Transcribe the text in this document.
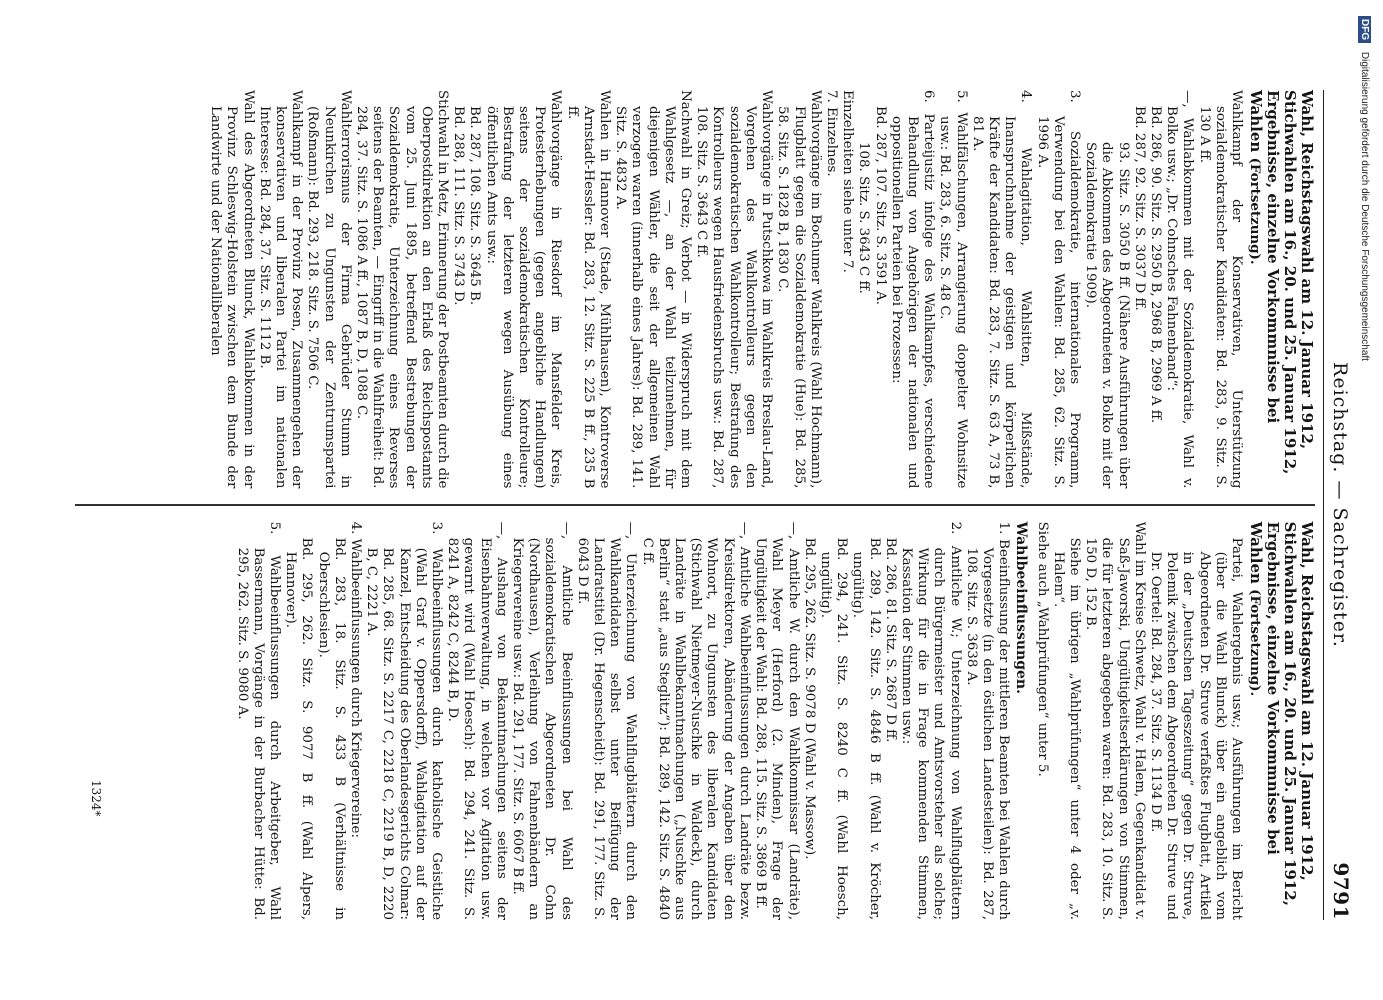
DFG Digitalisierung gefördert durch die Deutsche Forschungsgemeinschaft
Reichstag. — Sachregister.
9791
Wahl, Reichstagswahl am 12. Januar 1912, Stichwahlen am 16., 20. und 25. Januar 1912, Ergebnisse, einzelne Vorkommnisse bei Wahlen (Fortsetzung).

Wahlkampf der Konservativen, Unterstützung sozialdemokratischer Kandidaten: Bd. 283, 9. Sitz. S. 130 A ff.

—, Wahlabkommen mit der Sozialdemokratie, Wahl v. Bolko usw.; „Dr. Cohnsches Fahnenband“:

Bd. 286, 90. Sitz. S. 2950 B, 2968 B, 2969 A ff.

Bd. 287, 92. Sitz. S. 3037 D ff.

93. Sitz. S. 3050 B ff. (Nähere Ausführungen über die Abkommen des Abgeordneten v. Bolko mit der Sozialdemokratie 1909).

3. Sozialdemokratie, internationales Programm, Verwendung bei den Wahlen: Bd. 285, 62. Sitz. S. 1996 A.

4. Wahlagitation, Wahlsitten, Mißstände, Inanspruchnahme der geistigen und körperlichen Kräfte der Kandidaten: Bd. 283, 7. Sitz. S. 63 A, 73 B, 81 A.

5. Wahlfälschungen, Arrangierung doppelter Wohnsitze usw.: Bd. 283, 6. Sitz. S. 48 C.

6. Parteijustiz infolge des Wahlkampfes, verschiedene Behandlung von Angehörigen der nationalen und oppositionellen Parteien bei Prozessen:

Bd. 287, 107. Sitz. S. 3591 A.

108. Sitz. S. 3643 C ff.

Einzelheiten siehe unter 7.

7. Einzelnes.

Wahlvorgänge im Bochumer Wahlkreis (Wahl Hochmann), Flugblatt gegen die Sozialdemokratie (Hue): Bd. 285, 58. Sitz. S. 1828 B, 1830 C.

Wahlvorgänge in Putschkowa im Wahlkreis Breslau-Land, Vorgehen des Wahlkontrolleurs gegen den sozialdemokratischen Wahlkontrolleur; Bestrafung des Kontrolleurs wegen Hausfriedensbruchs usw.: Bd. 287, 108. Sitz. S. 3643 C ff.

Nachwahl in Greiz; Verbot — in Widerspruch mit dem Wahlgesetz —, an der Wahl teilzunehmen, für diejenigen Wähler, die seit der allgemeinen Wahl verzogen waren (innerhalb eines Jahres): Bd. 289, 141. Sitz. S. 4832 A.

Wahlen in Hannover (Stade, Mühlhausen), Kontroverse Arnstadt-Hessler: Bd. 283, 12. Sitz. S. 225 B ff., 235 B ff.

Wahlvorgänge in Riesdorf im Mansfelder Kreis, Protesterhebungen (gegen angebliche Handlungen) seitens der sozialdemokratischen Kontrolleure; Bestrafung der letzteren wegen Ausübung eines öffentlichen Amts usw.:

Bd. 287, 108. Sitz. S. 3645 B.

Bd. 288, 111. Sitz. S. 3743 D.

Stichwahl in Metz, Erinnerung der Postbeamten durch die Oberpostdirektion an den Erlaß des Reichspostamts vom 25. Juni 1895, betreffend Bestrebungen der Sozialdemokratie, Unterzeichnung eines Reverses seitens der Beamten, — Eingriff in die Wahlfreiheit: Bd. 284, 37. Sitz. S. 1086 A ff., 1087 B, D, 1088 C.

Wahlterrorismus der Firma Gebrüder Stumm in Neunkirchen zu Ungunsten der Zentrumspartei (Roßmann): Bd. 293, 218. Sitz. S. 7506 C.

Wahlkampf in der Provinz Posen, Zusammengehen der konservativen und liberalen Partei im nationalen Interesse: Bd. 284, 37. Sitz. S. 1112 B.

Wahl des Abgeordneten Blunck, Wahlabkommen in der Provinz Schleswig-Holstein zwischen dem Bunde der Landwirte und der Nationalliberalen

Wahl, Reichstagswahl am 12. Januar 1912, Stichwahlen am 16., 20. und 25. Januar 1912, Ergebnisse, einzelne Vorkommnisse bei Wahlen (Fortsetzung).

Partei, Wahlergebnis usw.; Ausführungen im Bericht (über die Wahl Blunck) über ein angeblich vom Abgeordneten Dr. Struve verfaßtes Flugblatt, Artikel in der „Deutschen Tageszeitung“ gegen Dr. Struve, Polemik zwischen dem Abgeordneten Dr. Struve und Dr. Oertel: Bd. 284, 37. Sitz. S. 1134 D ff.

Wahl im Kreise Schwetz, Wahl v. Halem, Gegenkandidat v. Saß-Jaworski, Ungültigkeitserklärungen von Stimmen, die für letzteren abgegeben waren: Bd. 283, 10. Sitz. S. 150 D, 152 B.

Siehe im übrigen „Wahlprüfungen“ unter 4 oder „v. Halem“.

Siehe auch „Wahlprüfungen“ unter 5.

Wahlbeeinflussungen.

1. Beeinflussung der mittleren Beamten bei Wahlen durch Vorgesetzte (in den östlichen Landesteilen): Bd. 287, 108. Sitz. S. 3638 A.

2. Amtliche W.; Unterzeichnung von Wahlflugblättern durch Bürgermeister und Amtsvorsteher als solche; Wirkung für die in Frage kommenden Stimmen, Kassation der Stimmen usw.:

Bd. 286, 81. Sitz. S. 2687 D ff.

Bd. 289, 142. Sitz. S. 4846 B ff. (Wahl v. Kröcher, ungültig).

Bd. 294, 241. Sitz. S. 8240 C ff. (Wahl Hoesch, ungültig).

Bd. 295, 262. Sitz. S. 9078 D (Wahl v. Massow).

—, Amtliche W. durch den Wahlkommissar (Landräte), Wahl Meyer (Herford) (2. Minden), Frage der Ungültigkeit der Wahl: Bd. 288, 115. Sitz. S. 3869 B ff.

—, Amtliche Wahlbeeinflussungen durch Landräte bezw. Kreisdirektoren, Abänderung der Angaben über den Wohnort, zu Ungunsten des liberalen Kandidaten (Stichwahl Nietmeyer-Nuschke in Waldeck), durch Landräte in Wahlbekanntmachungen („Nuschke aus Berlin“ statt „aus Steglitz“): Bd. 289, 142. Sitz. S. 4840 C ff.

—, Unterzeichnung von Wahlflugblättern durch den Wahlkandidaten selbst unter Beifügung der Landratstitel (Dr. Hegenscheidt): Bd. 291, 177. Sitz. S. 6043 D ff.

—, Amtliche Beeinflussungen bei Wahl des sozialdemokratischen Abgeordneten Dr. Cohn (Nordhausen), Verleihung von Fahnenbändern an Kriegervereine usw.: Bd. 291, 177. Sitz. S. 6067 B ff.

—, Aushang von Bekanntmachungen seitens der Eisenbahnverwaltung, in welchen vor Agitation usw. gewarnt wird (Wahl Hoesch): Bd. 294, 241. Sitz. S. 8241 A, 8242 C, 8244 B, D.

3. Wahlbeeinflussungen durch katholische Geistliche (Wahl Graf v. Oppersdorff), Wahlagitation auf der Kanzel, Entscheidung des Oberlandesgerichts Colmar: Bd. 285, 68. Sitz. S. 2217 C, 2218 C, 2219 B, D, 2220 B, C, 2221 A.

4. Wahlbeeinflussungen durch Kriegervereine:

Bd. 283, 18. Sitz. S. 433 B (Verhältnisse in Oberschlesien).

Bd. 295, 262. Sitz. S. 9077 B ff. (Wahl Alpers, Hannover).

5. Wahlbeeinflussungen durch Arbeitgeber, Wahl Bassermann, Vorgänge in der Burbacher Hütte: Bd. 295, 262. Sitz. S. 9080 A.

1324*
